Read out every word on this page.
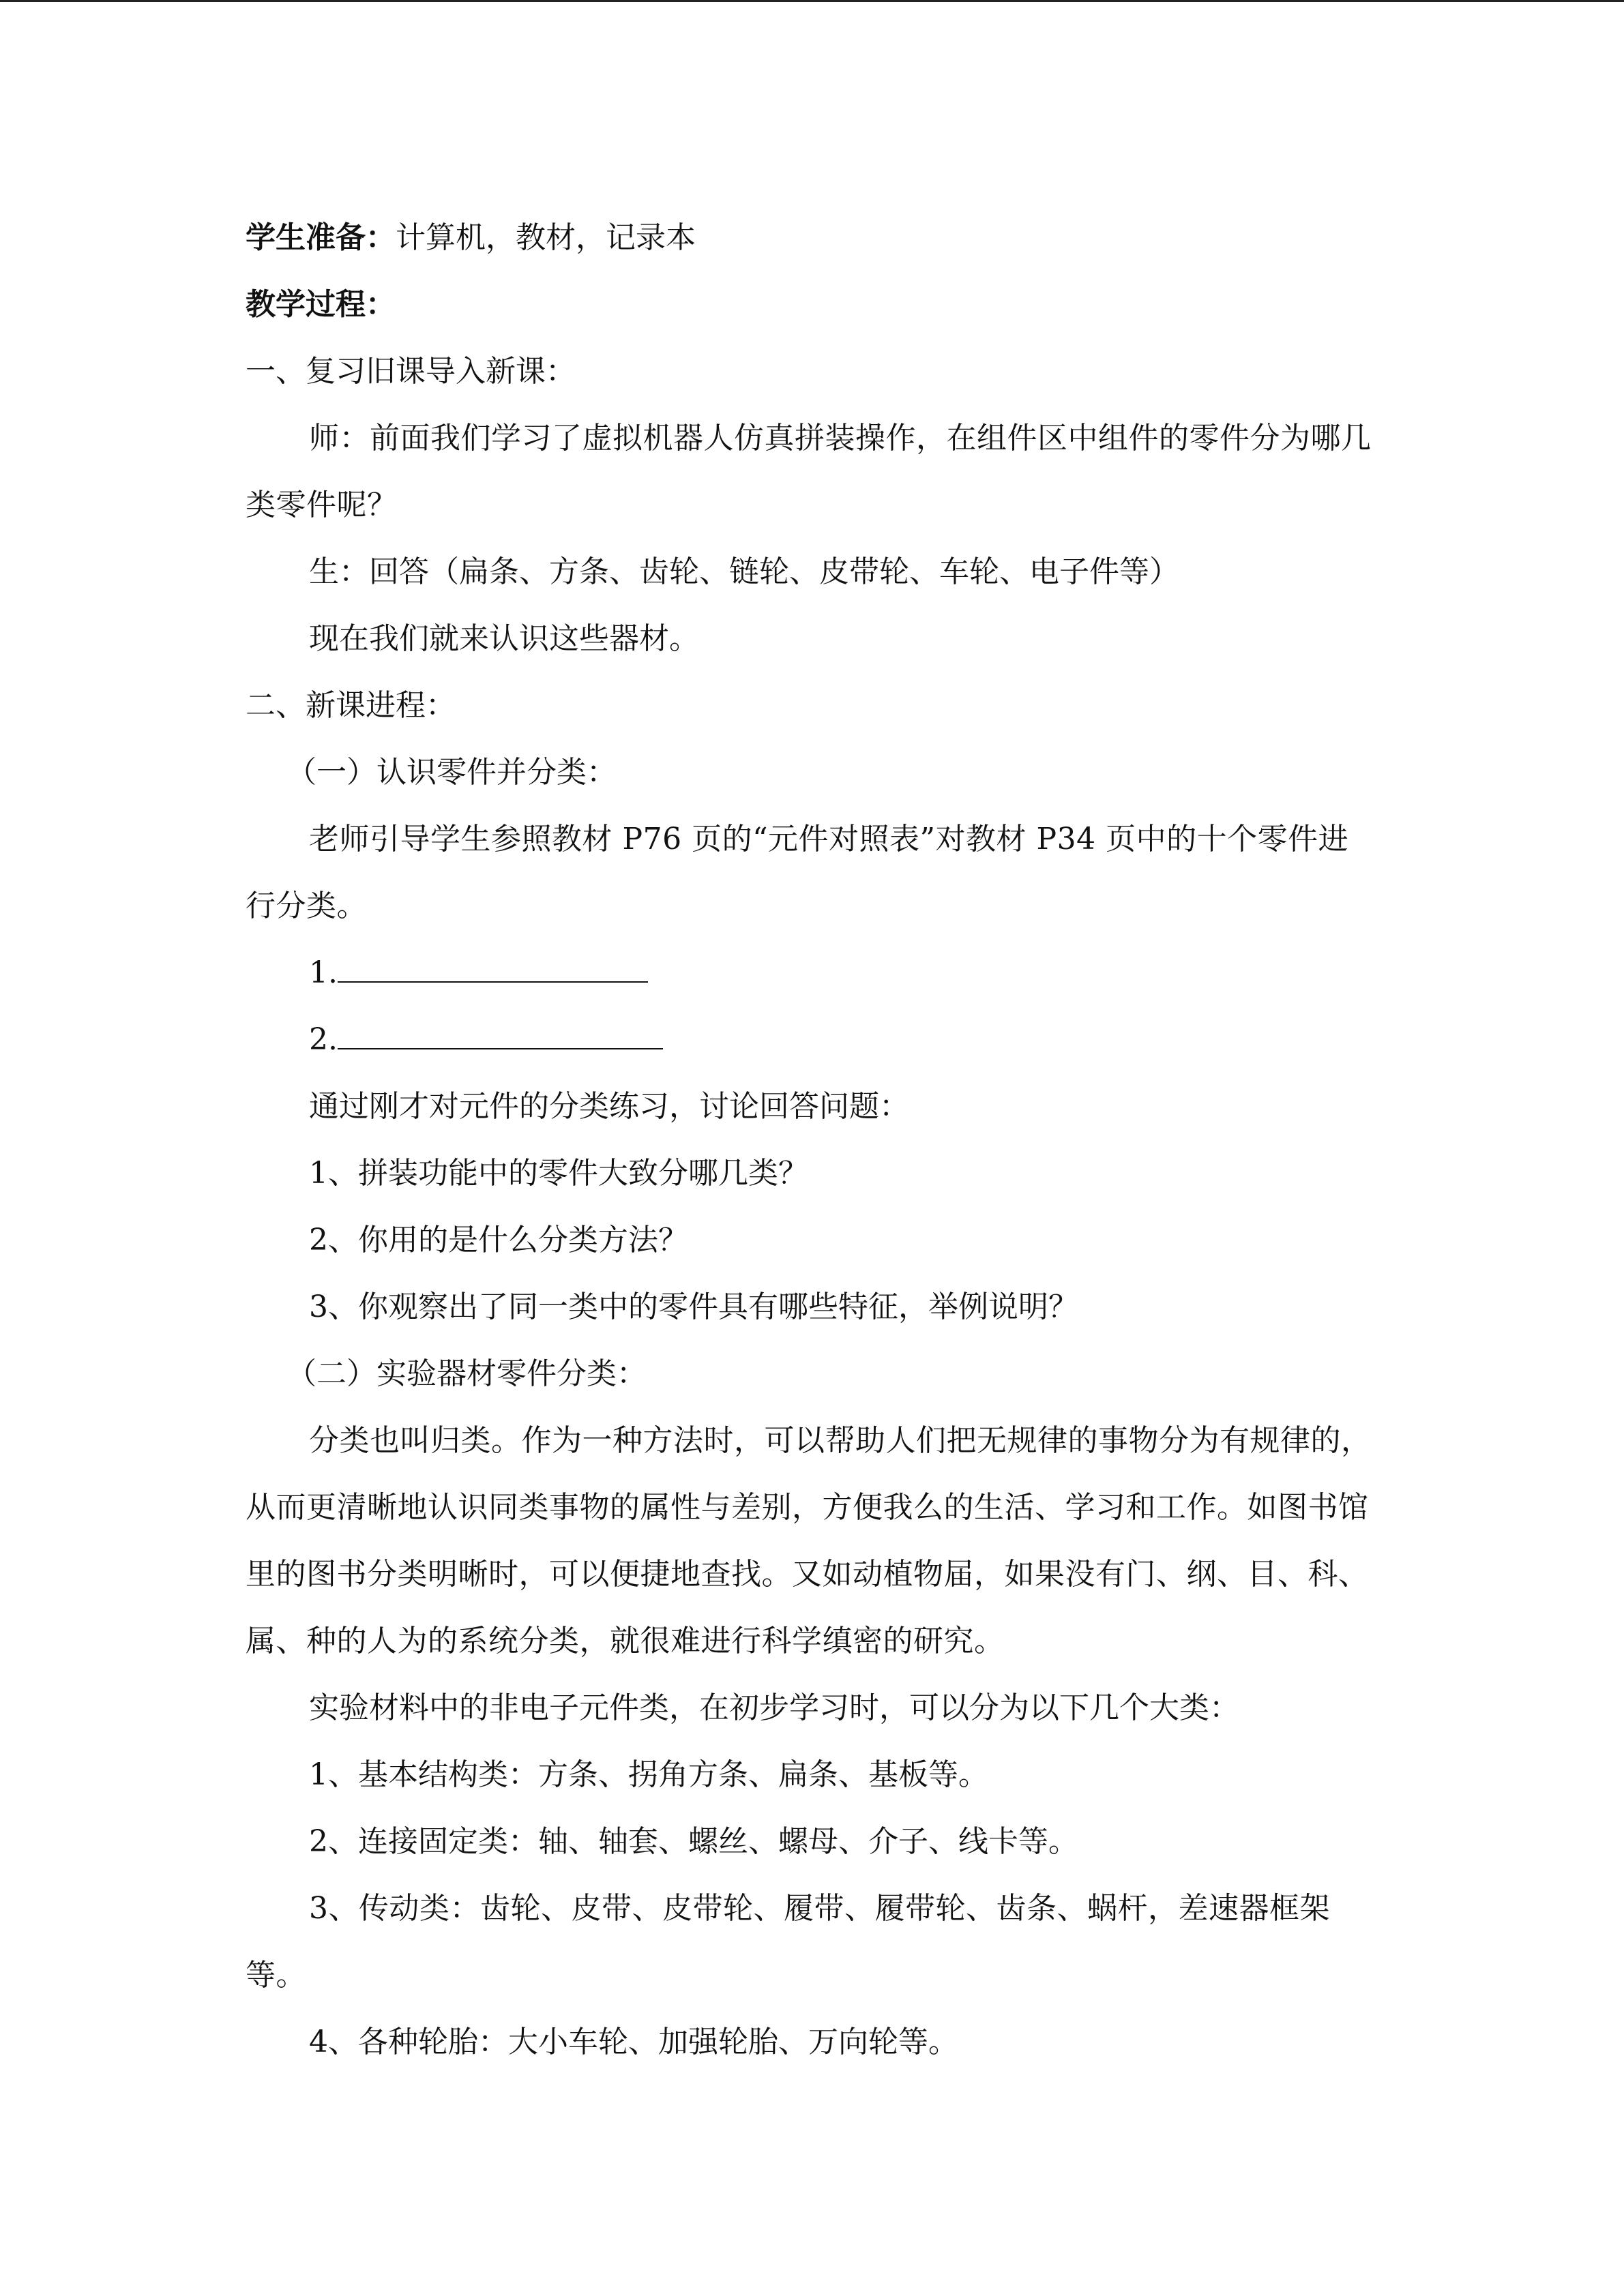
学生准备：计算机，教材，记录本

教学过程：

一、复习旧课导入新课：

师：前面我们学习了虚拟机器人仿真拼装操作，在组件区中组件的零件分为哪几类零件呢？

生：回答（扁条、方条、齿轮、链轮、皮带轮、车轮、电子件等）

现在我们就来认识这些器材。

二、新课进程：

（一）认识零件并分类：

老师引导学生参照教材 P76 页的“元件对照表”对教材 P34 页中的十个零件进行分类。

1.

2.

通过刚才对元件的分类练习，讨论回答问题：

1、拼装功能中的零件大致分哪几类？

2、你用的是什么分类方法？

3、你观察出了同一类中的零件具有哪些特征，举例说明？

（二）实验器材零件分类：

分类也叫归类。作为一种方法时，可以帮助人们把无规律的事物分为有规律的，从而更清晰地认识同类事物的属性与差别，方便我么的生活、学习和工作。如图书馆里的图书分类明晰时，可以便捷地查找。又如动植物届，如果没有门、纲、目、科、属、种的人为的系统分类，就很难进行科学缜密的研究。

实验材料中的非电子元件类，在初步学习时，可以分为以下几个大类：

1、基本结构类：方条、拐角方条、扁条、基板等。

2、连接固定类：轴、轴套、螺丝、螺母、介子、线卡等。

3、传动类：齿轮、皮带、皮带轮、履带、履带轮、齿条、蜗杆，差速器框架等。

4、各种轮胎：大小车轮、加强轮胎、万向轮等。
